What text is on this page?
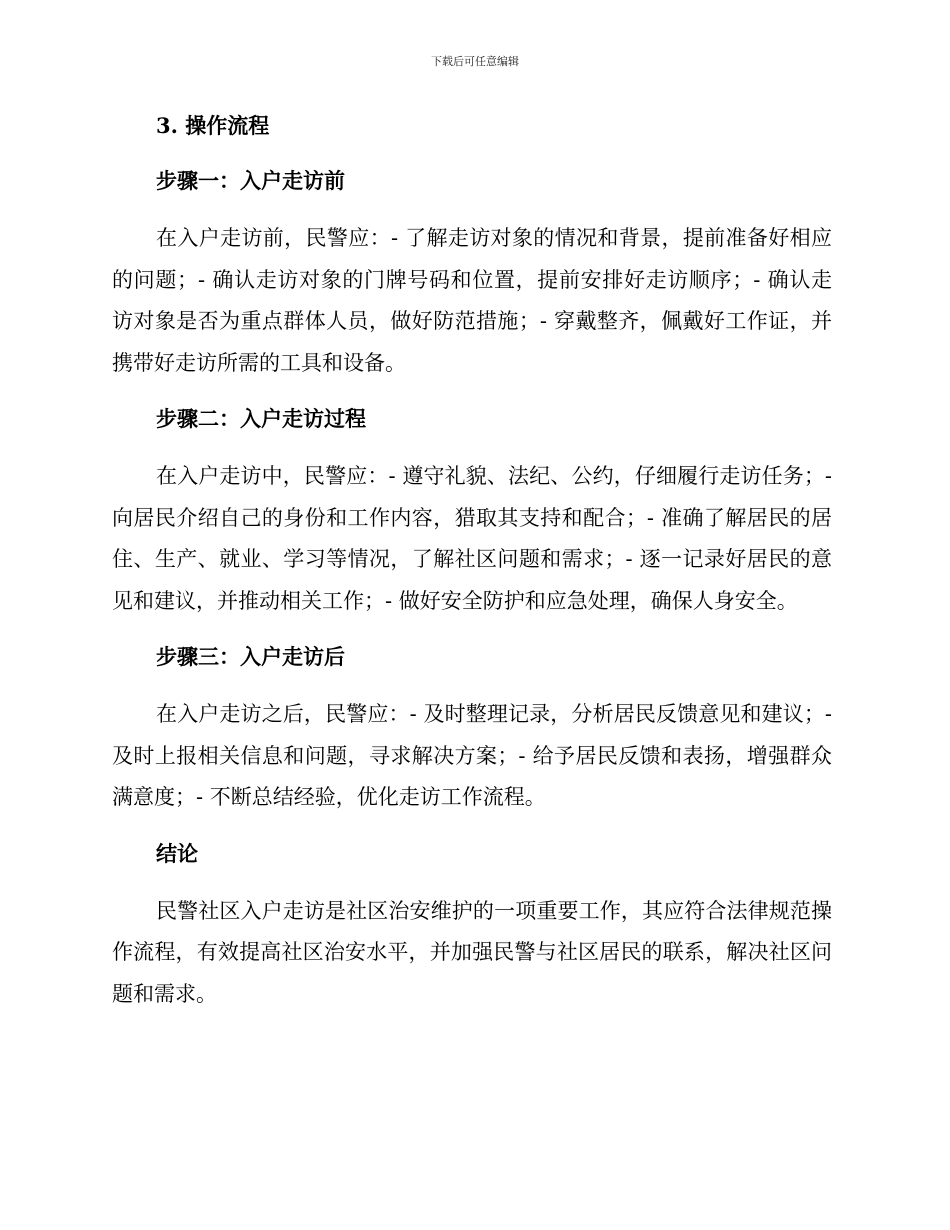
下载后可任意编辑
3. 操作流程
步骤一：入户走访前

在入户走访前，民警应：- 了解走访对象的情况和背景，提前准备好相应的问题；- 确认走访对象的门牌号码和位置，提前安排好走访顺序；- 确认走访对象是否为重点群体人员，做好防范措施；- 穿戴整齐，佩戴好工作证，并携带好走访所需的工具和设备。

步骤二：入户走访过程

在入户走访中，民警应：- 遵守礼貌、法纪、公约，仔细履行走访任务；- 向居民介绍自己的身份和工作内容，猎取其支持和配合；- 准确了解居民的居住、生产、就业、学习等情况，了解社区问题和需求；- 逐一记录好居民的意见和建议，并推动相关工作；- 做好安全防护和应急处理，确保人身安全。

步骤三：入户走访后

在入户走访之后，民警应：- 及时整理记录，分析居民反馈意见和建议；- 及时上报相关信息和问题，寻求解决方案；- 给予居民反馈和表扬，增强群众满意度；- 不断总结经验，优化走访工作流程。

结论

民警社区入户走访是社区治安维护的一项重要工作，其应符合法律规范操作流程，有效提高社区治安水平，并加强民警与社区居民的联系，解决社区问题和需求。
